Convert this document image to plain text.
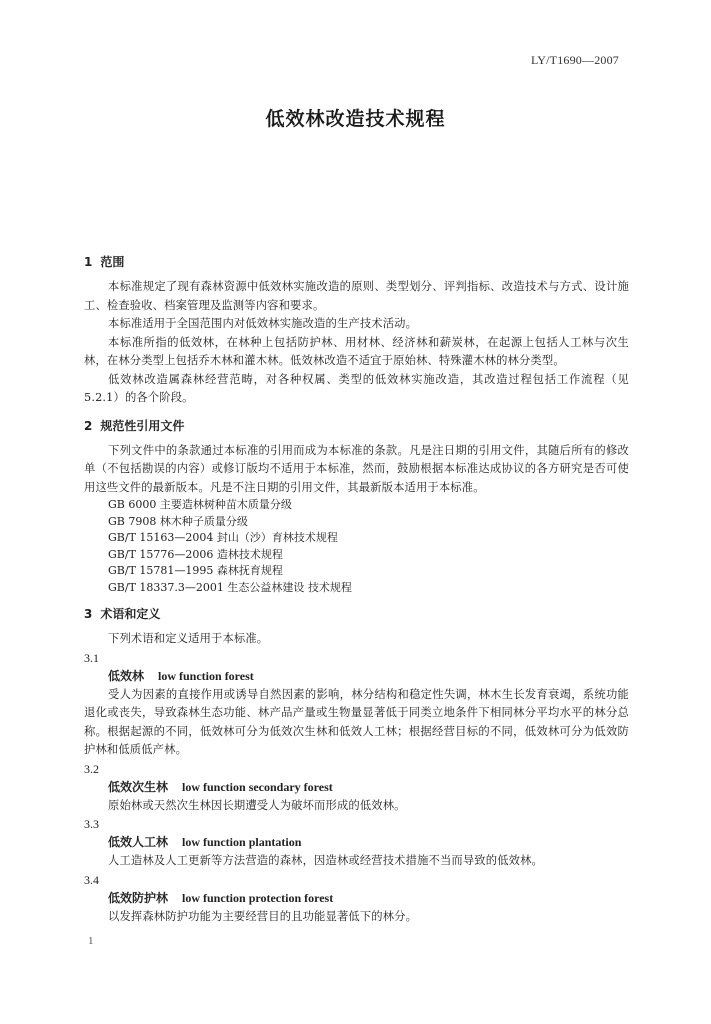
LY/T1690—2007
低效林改造技术规程
1 范围

本标准规定了现有森林资源中低效林实施改造的原则、类型划分、评判指标、改造技术与方式、设计施工、检查验收、档案管理及监测等内容和要求。

本标准适用于全国范围内对低效林实施改造的生产技术活动。

本标准所指的低效林，在林种上包括防护林、用材林、经济林和薪炭林，在起源上包括人工林与次生林，在林分类型上包括乔木林和灌木林。低效林改造不适宜于原始林、特殊灌木林的林分类型。

低效林改造属森林经营范畴，对各种权属、类型的低效林实施改造，其改造过程包括工作流程（见5.2.1）的各个阶段。

2 规范性引用文件

下列文件中的条款通过本标准的引用而成为本标准的条款。凡是注日期的引用文件，其随后所有的修改单（不包括勘误的内容）或修订版均不适用于本标准，然而，鼓励根据本标准达成协议的各方研究是否可使用这些文件的最新版本。凡是不注日期的引用文件，其最新版本适用于本标准。

GB 6000 主要造林树种苗木质量分级

GB 7908 林木种子质量分级

GB/T 15163—2004 封山（沙）育林技术规程

GB/T 15776—2006 造林技术规程

GB/T 15781—1995 森林抚育规程

GB/T 18337.3—2001 生态公益林建设 技术规程

3 术语和定义

下列术语和定义适用于本标准。

3.1

低效林 low function forest

受人为因素的直接作用或诱导自然因素的影响，林分结构和稳定性失调，林木生长发育衰竭，系统功能退化或丧失，导致森林生态功能、林产品产量或生物量显著低于同类立地条件下相同林分平均水平的林分总称。根据起源的不同，低效林可分为低效次生林和低效人工林；根据经营目标的不同，低效林可分为低效防护林和低质低产林。

3.2

低效次生林 low function secondary forest

原始林或天然次生林因长期遭受人为破坏而形成的低效林。

3.3

低效人工林 low function plantation

人工造林及人工更新等方法营造的森林，因造林或经营技术措施不当而导致的低效林。

3.4

低效防护林 low function protection forest

以发挥森林防护功能为主要经营目的且功能显著低下的林分。

1
